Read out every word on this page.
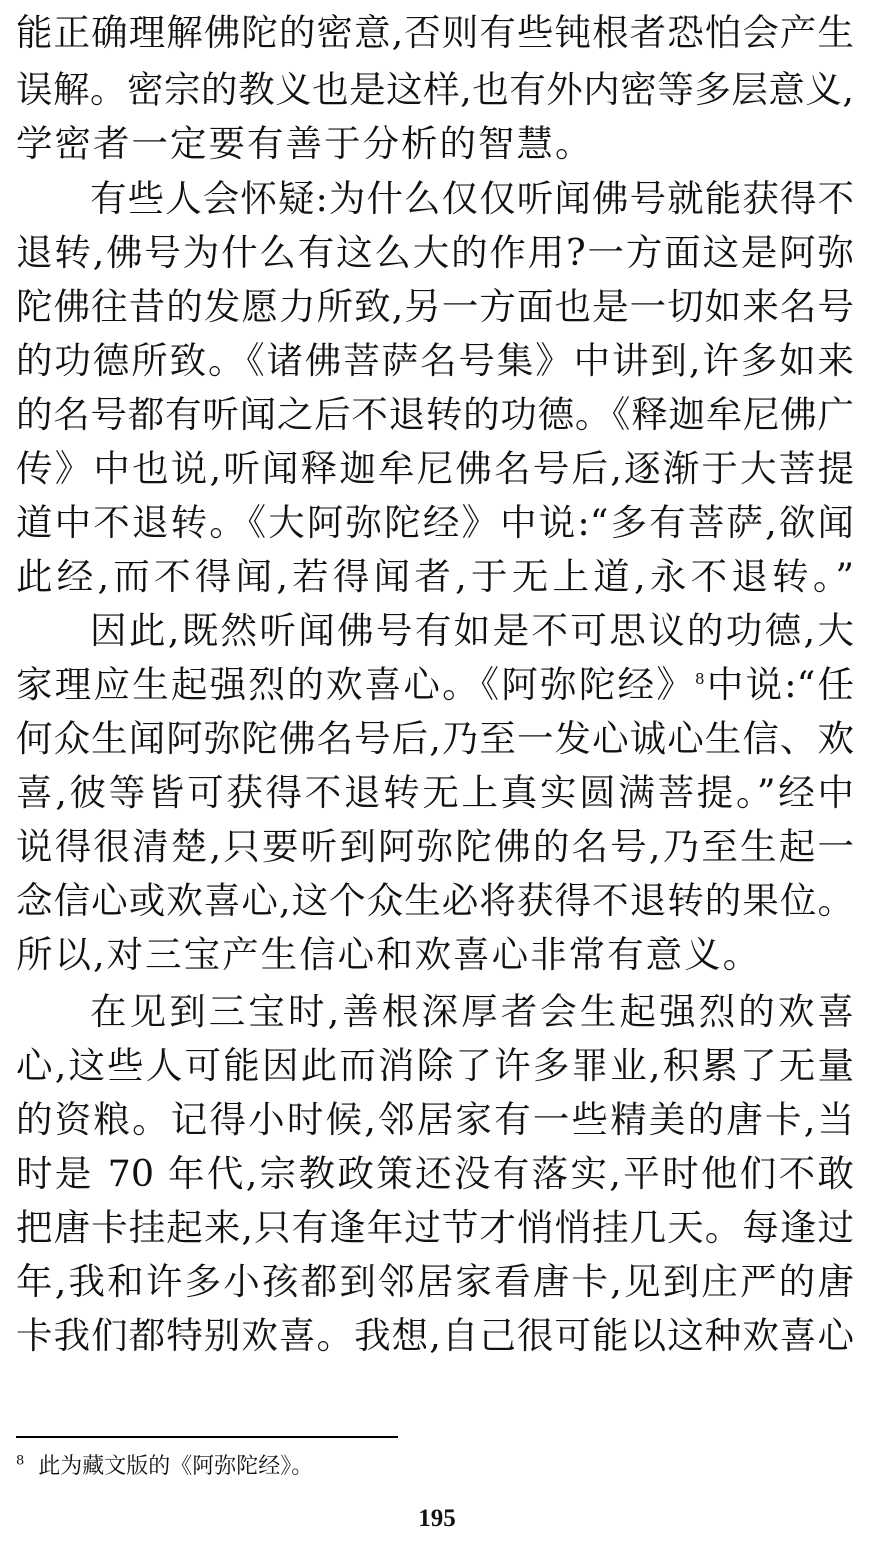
能正确理解佛陀的密意,否则有些钝根者恐怕会产生
误解。密宗的教义也是这样,也有外内密等多层意义,
学密者一定要有善于分析的智慧。
有些人会怀疑:为什么仅仅听闻佛号就能获得不
退转,佛号为什么有这么大的作用?一方面这是阿弥
陀佛往昔的发愿力所致,另一方面也是一切如来名号
的功德所致。《诸佛菩萨名号集》中讲到,许多如来
的名号都有听闻之后不退转的功德。《释迦牟尼佛广
传》中也说,听闻释迦牟尼佛名号后,逐渐于大菩提
道中不退转。《大阿弥陀经》中说:“多有菩萨,欲闻
此经,而不得闻,若得闻者,于无上道,永不退转。”
因此,既然听闻佛号有如是不可思议的功德,大
家理应生起强烈的欢喜心。《阿弥陀经》$^8$中说:“任
何众生闻阿弥陀佛名号后,乃至一发心诚心生信、欢
喜,彼等皆可获得不退转无上真实圆满菩提。”经中
说得很清楚,只要听到阿弥陀佛的名号,乃至生起一
念信心或欢喜心,这个众生必将获得不退转的果位。
所以,对三宝产生信心和欢喜心非常有意义。
在见到三宝时,善根深厚者会生起强烈的欢喜
心,这些人可能因此而消除了许多罪业,积累了无量
的资粮。记得小时候,邻居家有一些精美的唐卡,当
时是 70 年代,宗教政策还没有落实,平时他们不敢
把唐卡挂起来,只有逢年过节才悄悄挂几天。每逢过
年,我和许多小孩都到邻居家看唐卡,见到庄严的唐
卡我们都特别欢喜。我想,自己很可能以这种欢喜心
$^8$ 此为藏文版的《阿弥陀经》。
195
